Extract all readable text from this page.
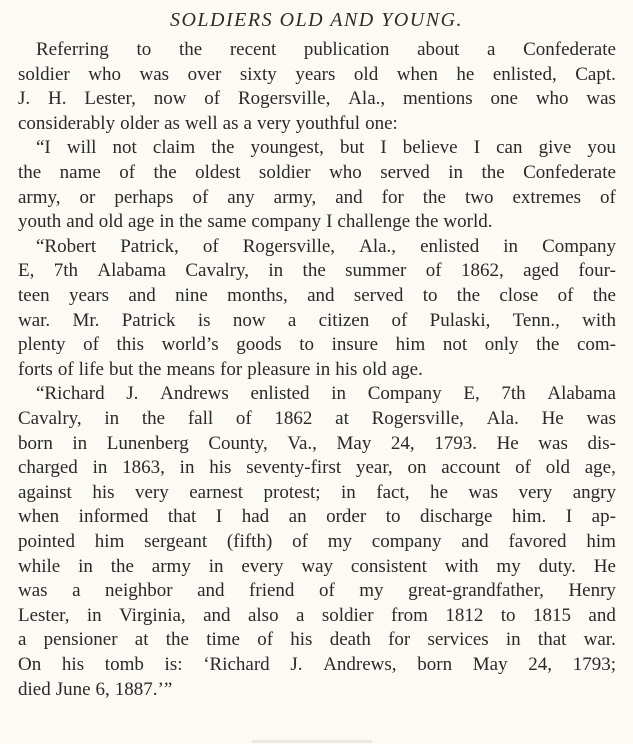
SOLDIERS OLD AND YOUNG.
Referring to the recent publication about a Confederate
soldier who was over sixty years old when he enlisted, Capt.
J. H. Lester, now of Rogersville, Ala., mentions one who was
considerably older as well as a very youthful one:
“I will not claim the youngest, but I believe I can give you
the name of the oldest soldier who served in the Confederate
army, or perhaps of any army, and for the two extremes of
youth and old age in the same company I challenge the world.
“Robert Patrick, of Rogersville, Ala., enlisted in Company
E, 7th Alabama Cavalry, in the summer of 1862, aged four-
teen years and nine months, and served to the close of the
war. Mr. Patrick is now a citizen of Pulaski, Tenn., with
plenty of this world’s goods to insure him not only the com-
forts of life but the means for pleasure in his old age.
“Richard J. Andrews enlisted in Company E, 7th Alabama
Cavalry, in the fall of 1862 at Rogersville, Ala. He was
born in Lunenberg County, Va., May 24, 1793. He was dis-
charged in 1863, in his seventy-first year, on account of old age,
against his very earnest protest; in fact, he was very angry
when informed that I had an order to discharge him. I ap-
pointed him sergeant (fifth) of my company and favored him
while in the army in every way consistent with my duty. He
was a neighbor and friend of my great-grandfather, Henry
Lester, in Virginia, and also a soldier from 1812 to 1815 and
a pensioner at the time of his death for services in that war.
On his tomb is: ‘Richard J. Andrews, born May 24, 1793;
died June 6, 1887.’”
